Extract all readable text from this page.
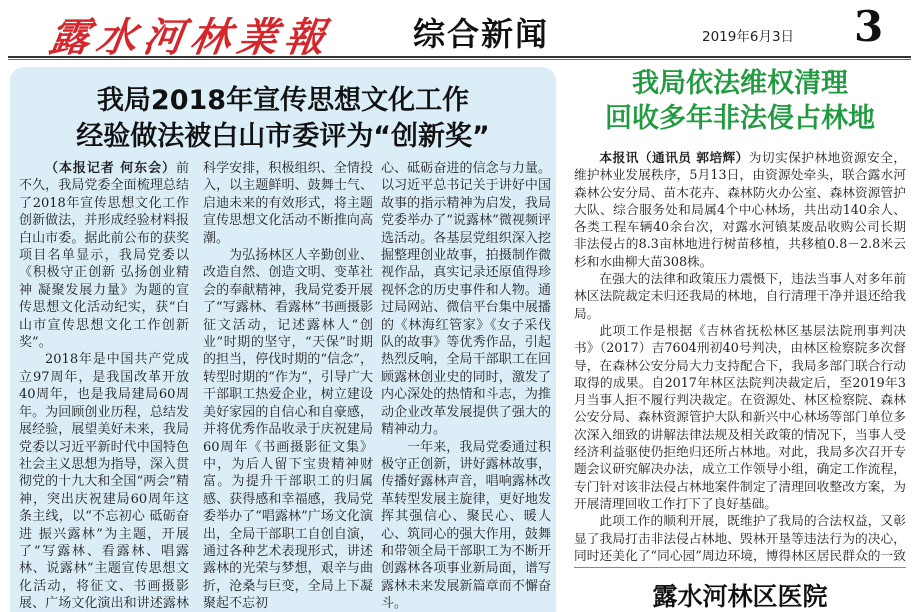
露水河林業報 综合新闻	2019年6月3日 3
我局2018年宣传思想文化工作
经验做法被白山市委评为“创新奖”

（本报记者 何东会）前不久，我局党委全面梳理总结了2018年宣传思想文化工作创新做法，并形成经验材料报白山市委。据此前公布的获奖项目名单显示，我局党委以《积极守正创新 弘扬创业精神 凝聚发展力量》为题的宣传思想文化活动纪实，获“白山市宣传思想文化工作创新奖”。

2018年是中国共产党成立97周年，是我国改革开放40周年，也是我局建局60周年。为回顾创业历程，总结发展经验，展望美好未来，我局党委以习近平新时代中国特色社会主义思想为指导，深入贯彻党的十九大和全国“两会”精神，突出庆祝建局60周年这条主线，以“不忘初心 砥砺奋进 振兴露林”为主题，开展了“写露林、看露林、唱露林、说露林”主题宣传思想文化活动，将征文、书画摄影展、广场文化演出和讲述露林

科学安排，积极组织、全情投入，以主题鲜明、鼓舞士气、启迪未来的有效形式，将主题宣传思想文化活动不断推向高潮。

为弘扬林区人辛勤创业、改造自然、创造文明、变革社会的奉献精神，我局党委开展了“写露林、看露林”书画摄影征文活动，记述露林人“创业”时期的坚守，“天保”时期的担当，停伐时期的“信念”，转型时期的“作为”，引导广大干部职工热爱企业，树立建设美好家园的自信心和自豪感，并将优秀作品收录于庆祝建局60周年《书画摄影征文集》中，为后人留下宝贵精神财富。为提升干部职工的归属感、获得感和幸福感，我局党委举办了“唱露林”广场文化演出，全局干部职工自创自演，通过各种艺术表现形式，讲述露林的光荣与梦想，艰辛与曲折，沧桑与巨变，全局上下凝聚起不忘初

心、砥砺奋进的信念与力量。以习近平总书记关于讲好中国故事的指示精神为启发，我局党委举办了“说露林”微视频评选活动。各基层党组织深入挖掘整理创业故事，拍摄制作微视作品，真实记录还原值得珍视怀念的历史事件和人物。通过局网站、微信平台集中展播的《林海红管家》《女子采伐队的故事》等优秀作品，引起热烈反响，全局干部职工在回顾露林创业史的同时，激发了内心深处的热情和斗志，为推动企业改革发展提供了强大的精神动力。

一年来，我局党委通过积极守正创新，讲好露林故事，传播好露林声音，唱响露林改革转型发展主旋律，更好地发挥其强信心、聚民心、暖人心、筑同心的强大作用，鼓舞和带领全局干部职工为不断开创露林各项事业新局面，谱写露林未来发展新篇章而不懈奋斗。

我局依法维权清理
回收多年非法侵占林地

本报讯（通讯员 郭培辉）为切实保护林地资源安全，维护林业发展秩序，5月13日，由资源处牵头，联合露水河森林公安分局、苗木花卉、森林防火办公室、森林资源管护大队、综合服务处和局属4个中心林场，共出动140余人、各类工程车辆40余台次，对露水河镇某废品收购公司长期非法侵占的8.3亩林地进行树苗移植，共移植0.8－2.8米云杉和水曲柳大苗308株。

在强大的法律和政策压力震慑下，违法当事人对多年前林区法院裁定未归还我局的林地，自行清理干净并退还给我局。

此项工作是根据《吉林省抚松林区基层法院刑事判决书》（2017）吉7604刑初40号判决，由林区检察院多次督导，在森林公安分局大力支持配合下，我局多部门联合行动取得的成果。自2017年林区法院判决裁定后，至2019年3月当事人拒不履行判决裁定。在资源处、林区检察院、森林公安分局、森林资源管护大队和新兴中心林场等部门单位多次深入细致的讲解法律法规及相关政策的情况下，当事人受经济利益驱使仍拒绝归还所占林地。对此，我局多次召开专题会议研究解决办法，成立工作领导小组，确定工作流程，专门针对该非法侵占林地案件制定了清理回收整改方案，为开展清理回收工作打下了良好基础。

此项工作的顺利开展，既维护了我局的合法权益，又彰显了我局打击非法侵占林地、毁林开垦等违法行为的决心，同时还美化了“同心园”周边环境，博得林区居民群众的一致

露水河林区医院
